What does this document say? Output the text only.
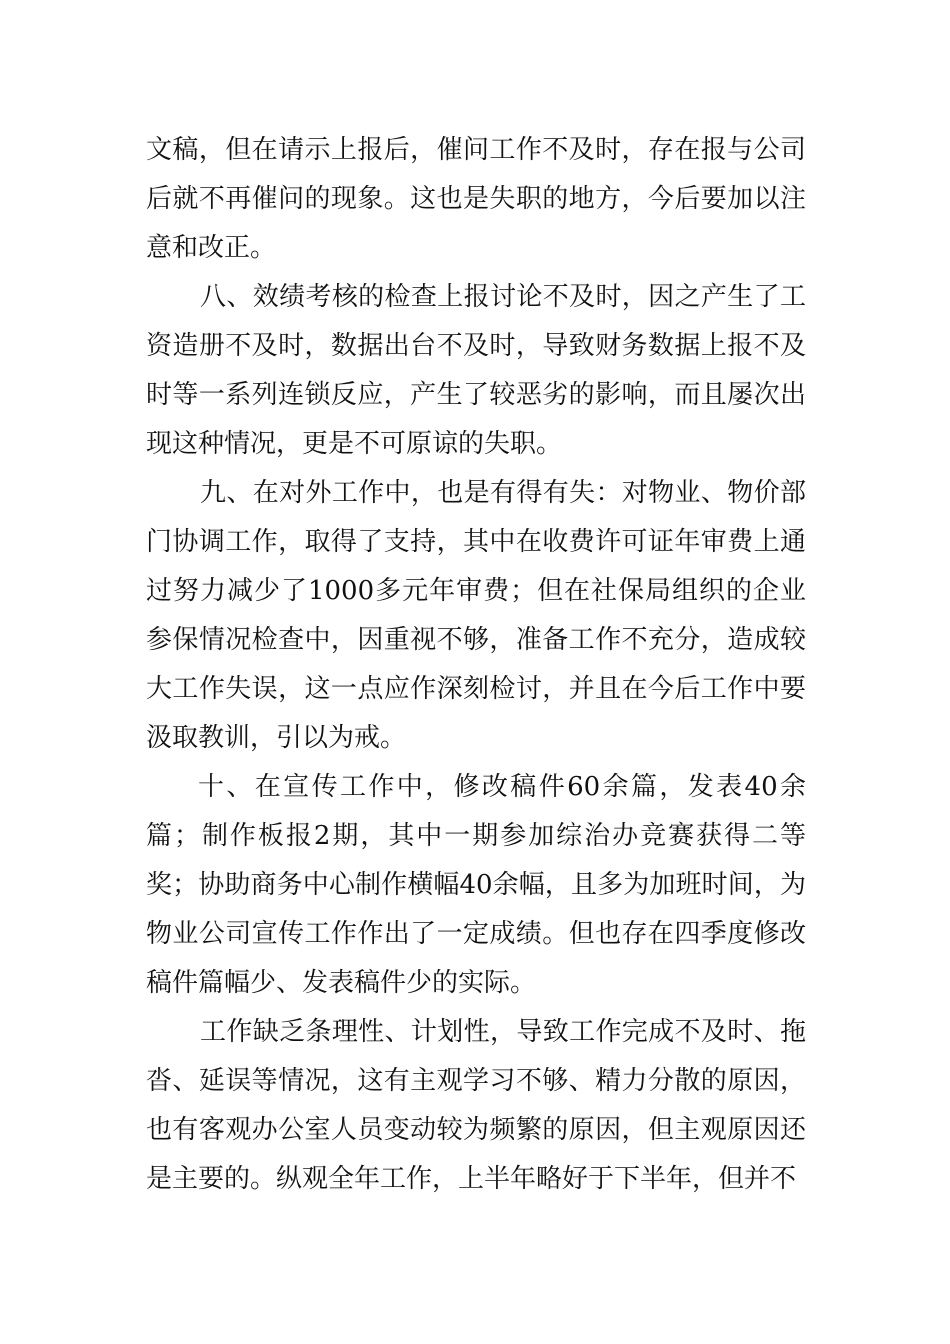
文稿，但在请示上报后，催问工作不及时，存在报与公司后就不再催问的现象。这也是失职的地方，今后要加以注意和改正。

八、效绩考核的检查上报讨论不及时，因之产生了工资造册不及时，数据出台不及时，导致财务数据上报不及时等一系列连锁反应，产生了较恶劣的影响，而且屡次出现这种情况，更是不可原谅的失职。

九、在对外工作中，也是有得有失：对物业、物价部门协调工作，取得了支持，其中在收费许可证年审费上通过努力减少了1000多元年审费；但在社保局组织的企业参保情况检查中，因重视不够，准备工作不充分，造成较大工作失误，这一点应作深刻检讨，并且在今后工作中要汲取教训，引以为戒。

十、在宣传工作中，修改稿件60余篇，发表40余篇；制作板报2期，其中一期参加综治办竞赛获得二等奖；协助商务中心制作横幅40余幅，且多为加班时间，为物业公司宣传工作作出了一定成绩。但也存在四季度修改稿件篇幅少、发表稿件少的实际。

工作缺乏条理性、计划性，导致工作完成不及时、拖沓、延误等情况，这有主观学习不够、精力分散的原因，也有客观办公室人员变动较为频繁的原因，但主观原因还是主要的。纵观全年工作，上半年略好于下半年，但并不
